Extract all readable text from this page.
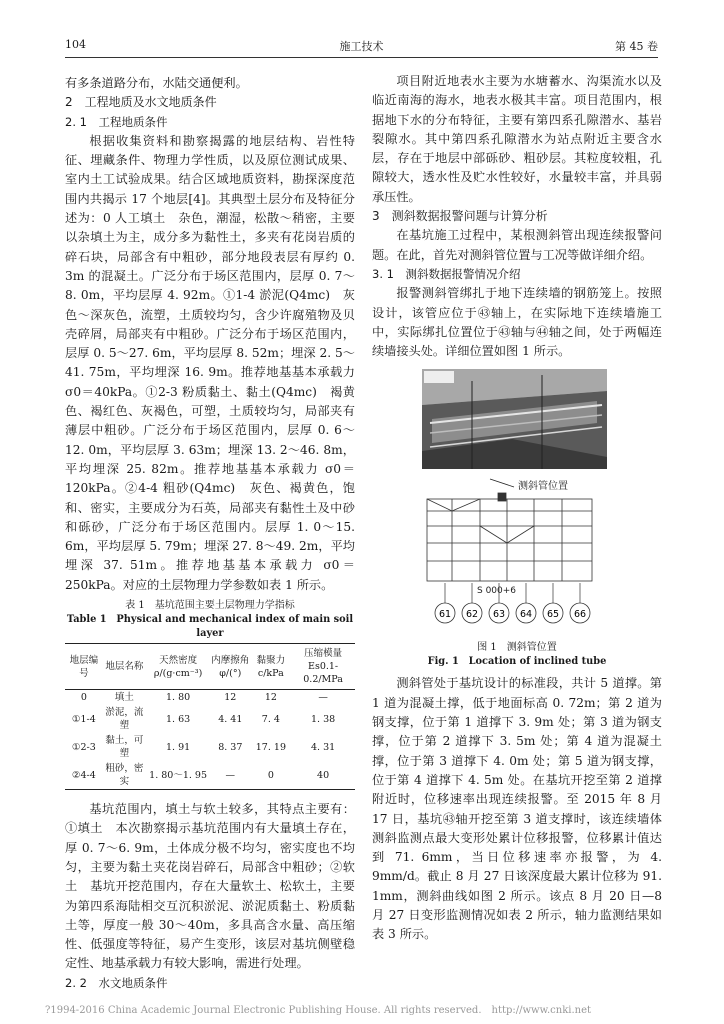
104	施工技术	第 45 卷

有多条道路分布，水陆交通便利。

2　工程地质及水文地质条件

2. 1　工程地质条件

根据收集资料和勘察揭露的地层结构、岩性特征、埋藏条件、物理力学性质，以及原位测试成果、室内土工试验成果。结合区域地质资料，勘探深度范围内共揭示 17 个地层[4]。其典型土层分布及特征分述为：0 人工填土　杂色，潮湿，松散～稍密，主要以杂填土为主，成分多为黏性土，多夹有花岗岩质的碎石块，局部含有中粗砂，部分地段表层有厚约 0. 3m 的混凝土。广泛分布于场区范围内，层厚 0. 7～8. 0m，平均层厚 4. 92m。①1-4 淤泥(Q4mc)　灰色～深灰色，流塑，土质较均匀，含少许腐殖物及贝壳碎屑，局部夹有中粗砂。广泛分布于场区范围内，层厚 0. 5～27. 6m，平均层厚 8. 52m；埋深 2. 5～41. 75m，平均埋深 16. 9m。推荐地基基本承载力 σ0＝40kPa。①2-3 粉质黏土、黏土(Q4mc)　褐黄色、褐红色、灰褐色，可塑，土质较均匀，局部夹有薄层中粗砂。广泛分布于场区范围内，层厚 0. 6～12. 0m，平均层厚 3. 63m；埋深 13. 2～46. 8m，平均埋深 25. 82m。推荐地基基本承载力 σ0＝120kPa。②4-4 粗砂(Q4mc)　灰色、褐黄色，饱和、密实，主要成分为石英，局部夹有黏性土及中砂和砾砂，广泛分布于场区范围内。层厚 1. 0～15. 6m，平均层厚 5. 79m；埋深 27. 8～49. 2m，平均埋深 37. 51m。推荐地基基本承载力 σ0＝250kPa。对应的土层物理力学参数如表 1 所示。

表 1　基坑范围主要土层物理力学指标
Table 1　Physical and mechanical index of main soil layer
地层编号	地层名称	天然密度 ρ/(g·cm⁻³)	内摩擦角 φ/(°)	黏聚力 c/kPa	压缩模量 Es0.1-0.2/MPa
0	填土	1. 80	12	12	—
①1-4	淤泥，流塑	1. 63	4. 41	7. 4	1. 38
①2-3	黏土，可塑	1. 91	8. 37	17. 19	4. 31
②4-4	粗砂，密实	1. 80～1. 95	—	0	40

基坑范围内，填土与软土较多，其特点主要有：①填土　本次勘察揭示基坑范围内有大量填土存在，厚 0. 7～6. 9m，土体成分极不均匀，密实度也不均匀，主要为黏土夹花岗岩碎石，局部含中粗砂；②软土　基坑开挖范围内，存在大量软土、松软土，主要为第四系海陆相交互沉积淤泥、淤泥质黏土、粉质黏土等，厚度一般 30～40m，多具高含水量、高压缩性、低强度等特征，易产生变形，该层对基坑侧壁稳定性、地基承载力有较大影响，需进行处理。

2. 2　水文地质条件

项目附近地表水主要为水塘蓄水、沟渠流水以及临近南海的海水，地表水极其丰富。项目范围内，根据地下水的分布特征，主要有第四系孔隙潜水、基岩裂隙水。其中第四系孔隙潜水为站点附近主要含水层，存在于地层中部砾砂、粗砂层。其粒度较粗，孔隙较大，透水性及贮水性较好，水量较丰富，并具弱承压性。

3　测斜数据报警问题与计算分析

在基坑施工过程中，某根测斜管出现连续报警问题。在此，首先对测斜管位置与工况等做详细介绍。

3. 1　测斜数据报警情况介绍

报警测斜管绑扎于地下连续墙的钢筋笼上。按照设计，该管应位于㊸轴上，在实际地下连续墙施工中，实际绑扎位置位于㊸轴与㊹轴之间，处于两幅连续墙接头处。详细位置如图 1 所示。

测斜管位置
S 000+6
61 62 63 64 65 66
图 1　测斜管位置
Fig. 1　Location of inclined tube

测斜管处于基坑设计的标准段，共计 5 道撑。第 1 道为混凝土撑，低于地面标高 0. 72m；第 2 道为钢支撑，位于第 1 道撑下 3. 9m 处；第 3 道为钢支撑，位于第 2 道撑下 3. 5m 处；第 4 道为混凝土撑，位于第 3 道撑下 4. 0m 处；第 5 道为钢支撑，位于第 4 道撑下 4. 5m 处。在基坑开挖至第 2 道撑附近时，位移速率出现连续报警。至 2015 年 8 月 17 日，基坑㊸轴开挖至第 3 道支撑时，该连续墙体测斜监测点最大变形处累计位移报警，位移累计值达到 71. 6mm，当日位移速率亦报警，为 4. 9mm/d。截止 8 月 27 日该深度最大累计位移为 91. 1mm，测斜曲线如图 2 所示。该点 8 月 20 日—8 月 27 日变形监测情况如表 2 所示，轴力监测结果如表 3 所示。

?1994-2016 China Academic Journal Electronic Publishing House. All rights reserved.　http://www.cnki.net
